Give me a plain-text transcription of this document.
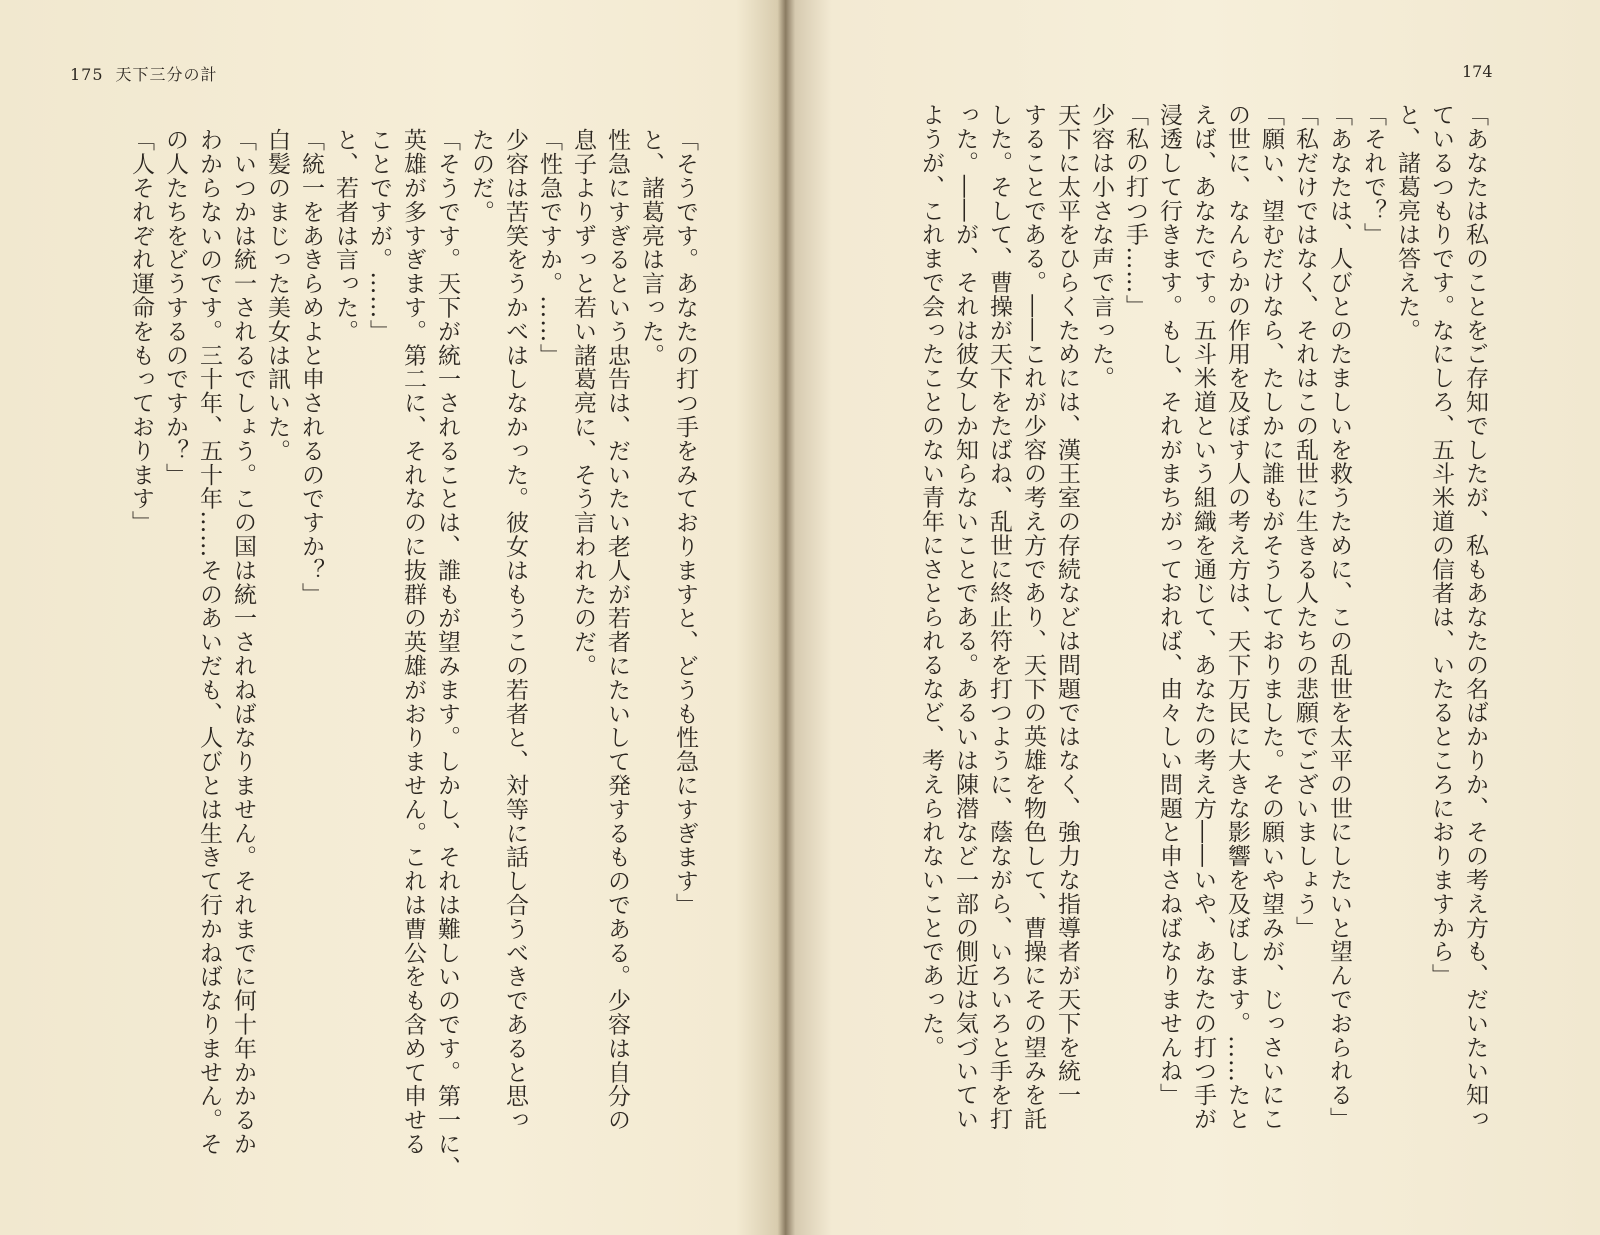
175 天下三分の計

「そうです。あなたの打つ手をみておりますと、どうも性急にすぎます」

と、諸葛亮は言った。

性急にすぎるという忠告は、だいたい老人が若者にたいして発するものである。少容は自分の

息子よりずっと若い諸葛亮に、そう言われたのだ。

「性急ですか。……」

少容は苦笑をうかべはしなかった。彼女はもうこの若者と、対等に話し合うべきであると思っ

たのだ。

「そうです。天下が統一されることは、誰もが望みます。しかし、それは難しいのです。第一に、

英雄が多すぎます。第二に、それなのに抜群の英雄がおりません。これは曹公をも含めて申せる

ことですが。……」

と、若者は言った。

「統一をあきらめよと申されるのですか？」

白髪のまじった美女は訊いた。

「いつかは統一されるでしょう。この国は統一されねばなりません。それまでに何十年かかるか

わからないのです。三十年、五十年……そのあいだも、人びとは生きて行かねばなりません。そ

の人たちをどうするのですか？」

「人それぞれ運命をもっております」

174

「あなたは私のことをご存知でしたが、私もあなたの名ばかりか、その考え方も、だいたい知っ

ているつもりです。なにしろ、五斗米道の信者は、いたるところにおりますから」

と、諸葛亮は答えた。

「それで？」

「あなたは、人びとのたましいを救うために、この乱世を太平の世にしたいと望んでおられる」

「私だけではなく、それはこの乱世に生きる人たちの悲願でございましょう」

「願い、望むだけなら、たしかに誰もがそうしておりました。その願いや望みが、じっさいにこ

の世に、なんらかの作用を及ぼす人の考え方は、天下万民に大きな影響を及ぼします。……たと

えば、あなたです。五斗米道という組織を通じて、あなたの考え方――いや、あなたの打つ手が

浸透して行きます。もし、それがまちがっておれば、由々しい問題と申さねばなりませんね」

「私の打つ手……」

少容は小さな声で言った。

天下に太平をひらくためには、漢王室の存続などは問題ではなく、強力な指導者が天下を統一

することである。――これが少容の考え方であり、天下の英雄を物色して、曹操にその望みを託

した。そして、曹操が天下をたばね、乱世に終止符を打つように、蔭ながら、いろいろと手を打

った。――が、それは彼女しか知らないことである。あるいは陳潜など一部の側近は気づいてい

ようが、これまで会ったことのない青年にさとられるなど、考えられないことであった。
